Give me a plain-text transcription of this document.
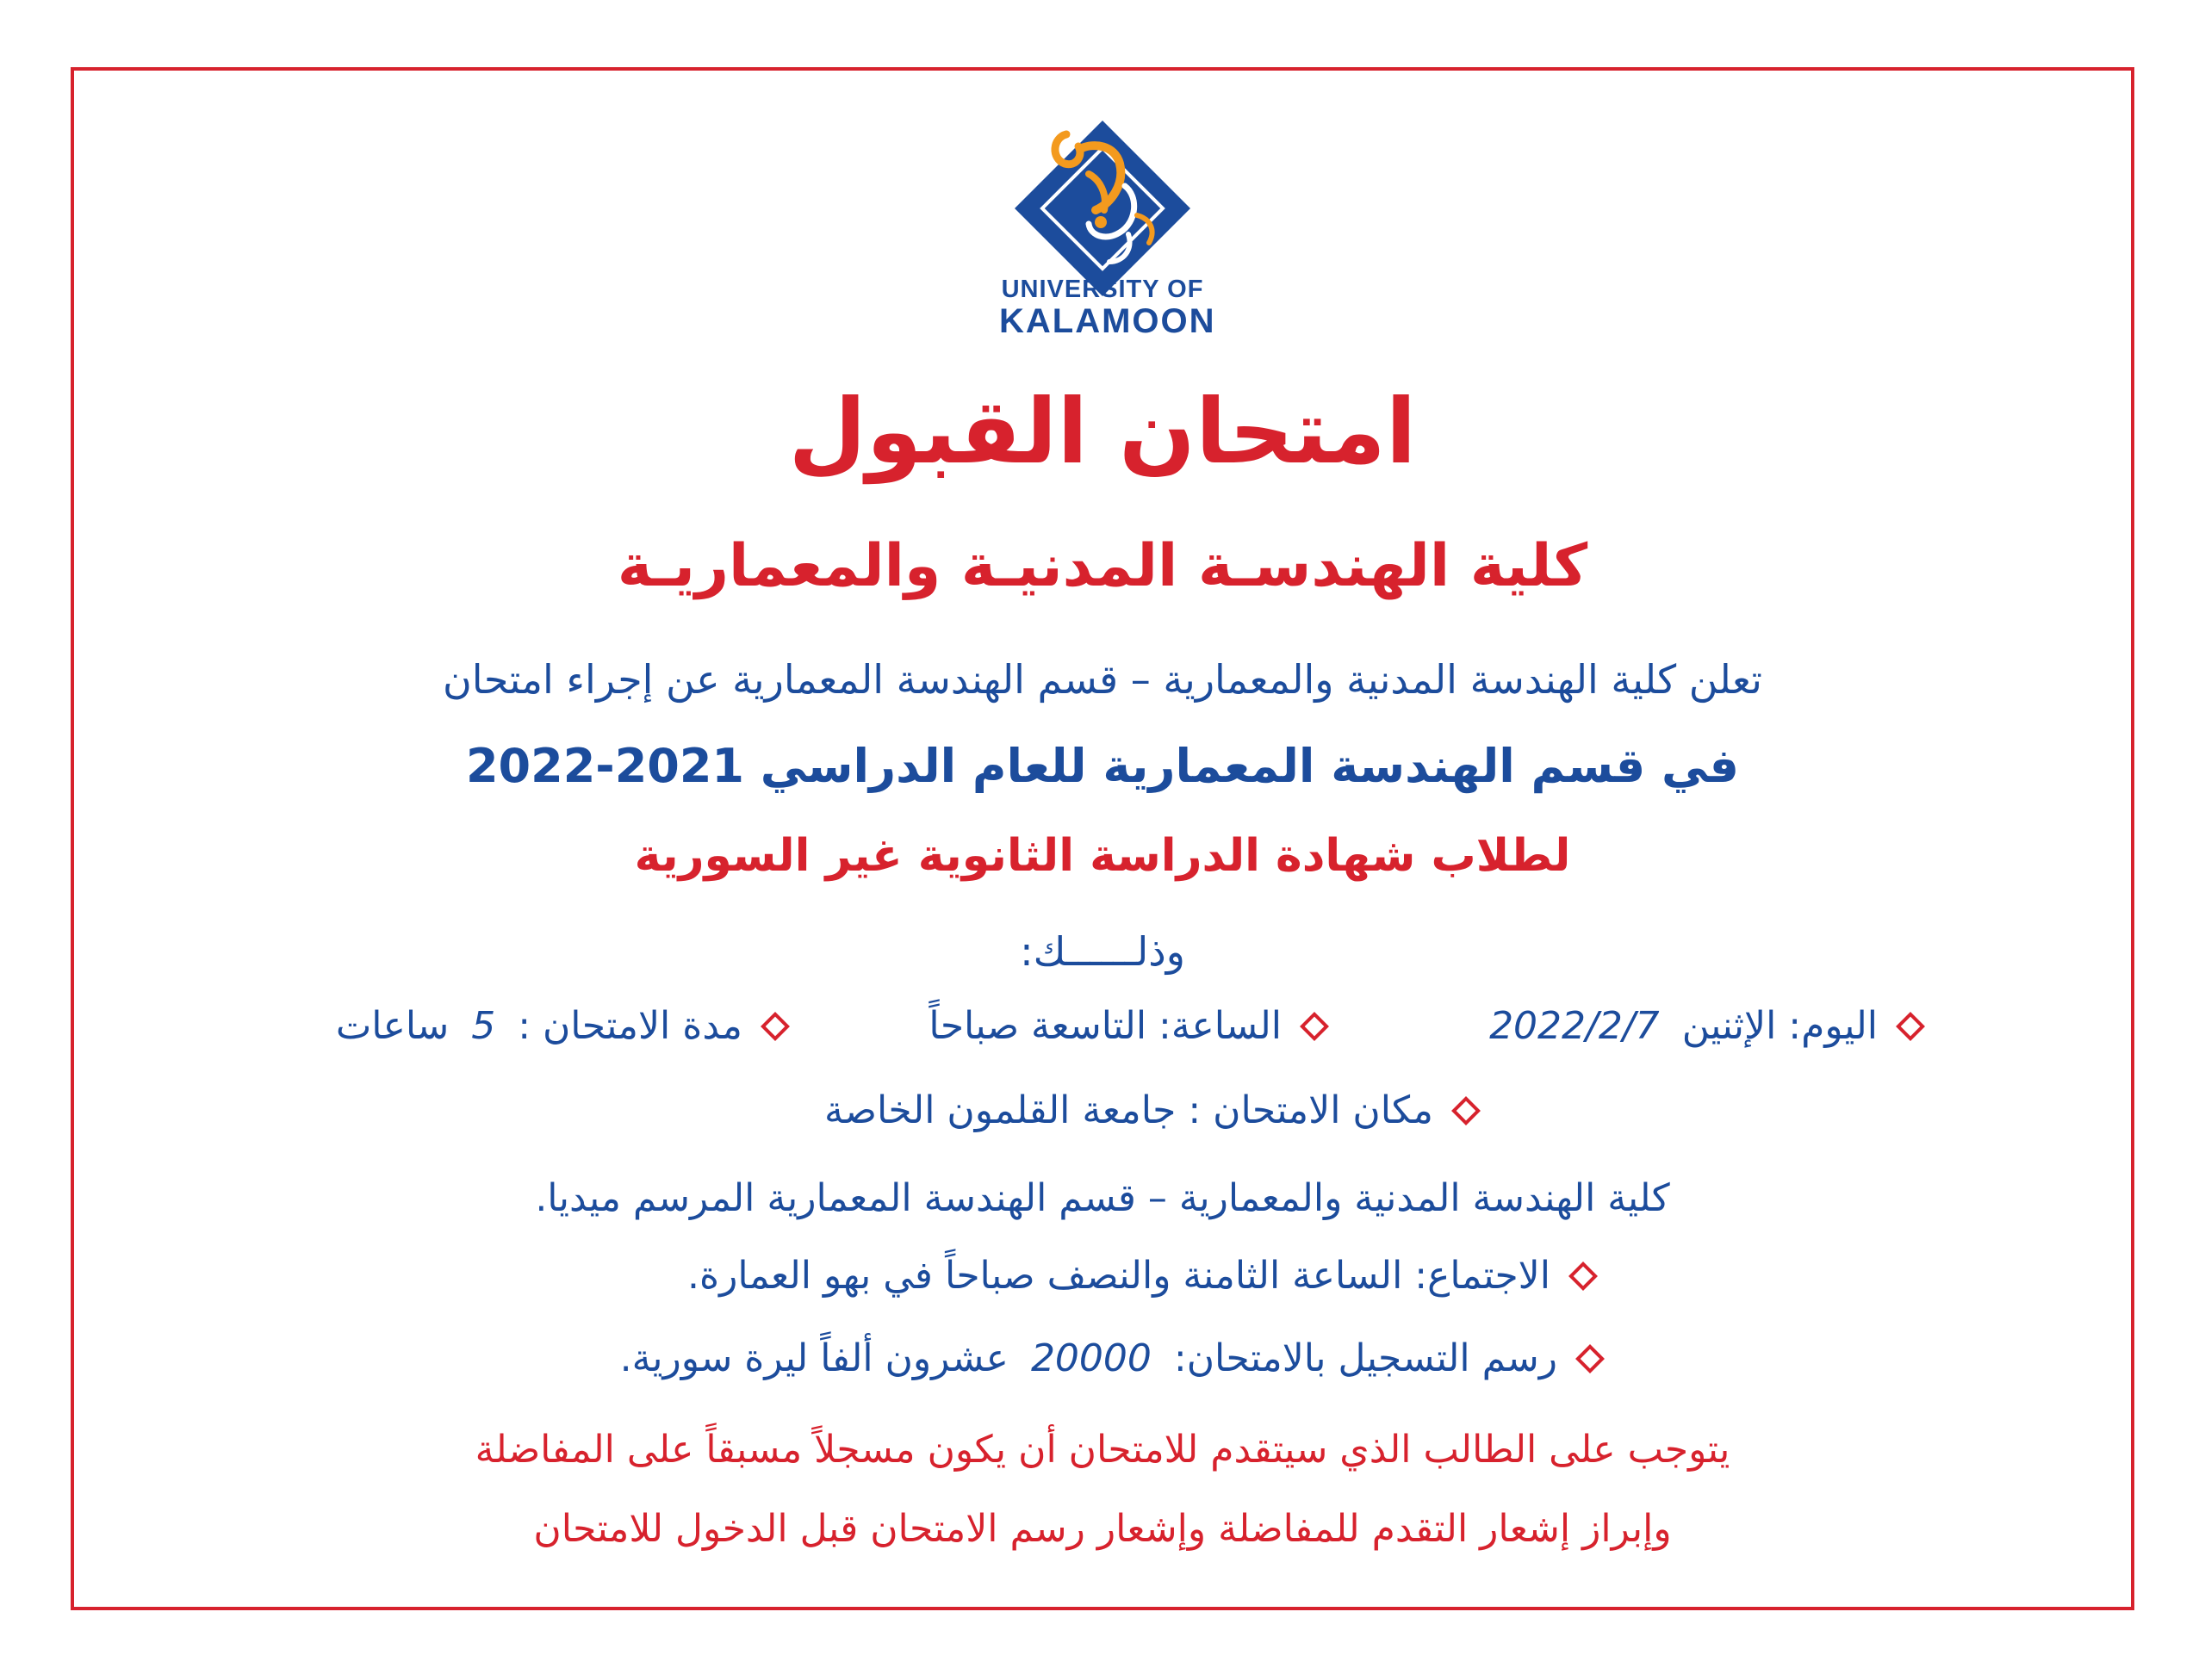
UNIVERSITY OF
KALAMOON
امتحان القبول
كلية الهندسـة المدنيـة والمعماريـة
تعلن كلية الهندسة المدنية والمعمارية – قسم الهندسة المعمارية عن إجراء امتحان
في قسم الهندسة المعمارية للعام الدراسي 2021-2022
لطلاب شهادة الدراسة الثانوية غير السورية
وذلــــــك:
اليوم: الإثنين
2022/2/7
الساعة: التاسعة صباحاً
مدة الامتحان :
5
ساعات
مكان الامتحان : جامعة القلمون الخاصة
كلية الهندسة المدنية والمعمارية – قسم الهندسة المعمارية المرسم ميديا.
الاجتماع: الساعة الثامنة والنصف صباحاً في بهو العمارة.
رسم التسجيل بالامتحان:
20000
عشرون ألفاً ليرة سورية.
يتوجب على الطالب الذي سيتقدم للامتحان أن يكون مسجلاً مسبقاً على المفاضلة
وإبراز إشعار التقدم للمفاضلة وإشعار رسم الامتحان قبل الدخول للامتحان
